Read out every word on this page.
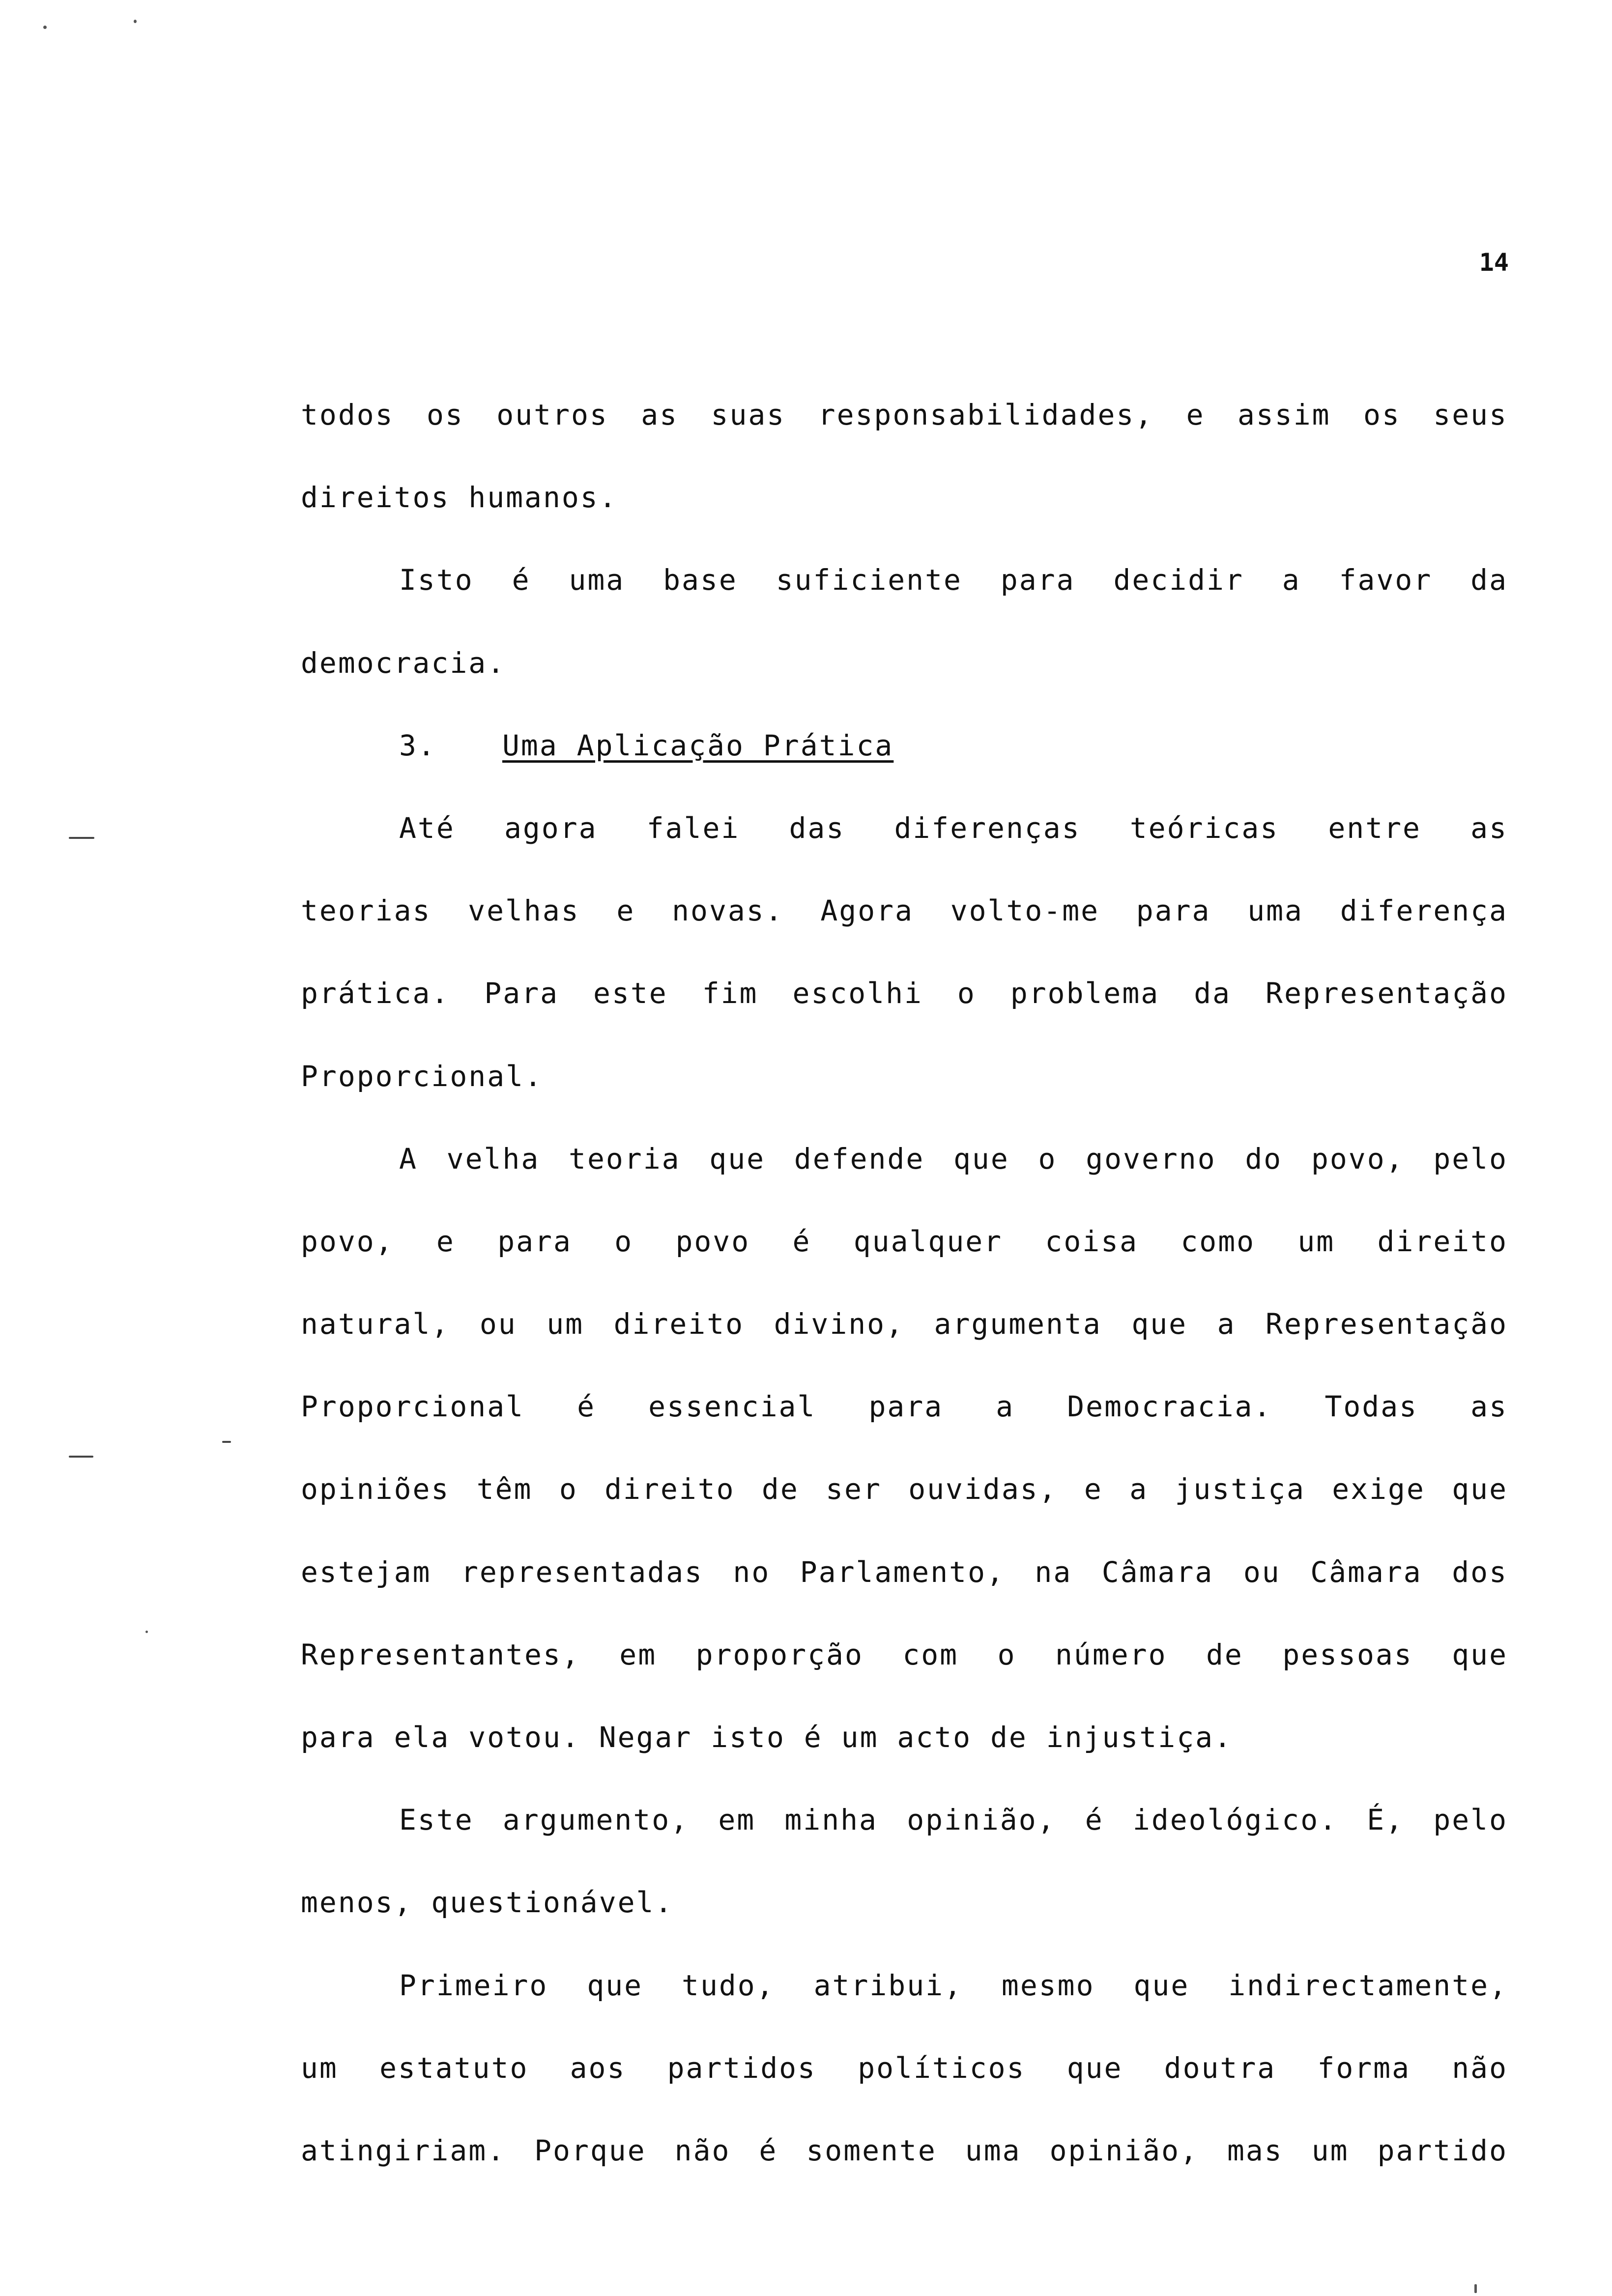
14
todos os outros as suas responsabilidades, e assim os seus
direitos humanos.
Isto é uma base suficiente para decidir a favor da
democracia.
3. Uma Aplicação Prática
Até agora falei das diferenças teóricas entre as
teorias velhas e novas. Agora volto-me para uma diferença
prática. Para este fim escolhi o problema da Representação
Proporcional.
A velha teoria que defende que o governo do povo, pelo
povo, e para o povo é qualquer coisa como um direito
natural, ou um direito divino, argumenta que a Representação
Proporcional é essencial para a Democracia. Todas as
opiniões têm o direito de ser ouvidas, e a justiça exige que
estejam representadas no Parlamento, na Câmara ou Câmara dos
Representantes, em proporção com o número de pessoas que
para ela votou. Negar isto é um acto de injustiça.
Este argumento, em minha opinião, é ideológico. É, pelo
menos, questionável.
Primeiro que tudo, atribui, mesmo que indirectamente,
um estatuto aos partidos políticos que doutra forma não
atingiriam. Porque não é somente uma opinião, mas um partido
